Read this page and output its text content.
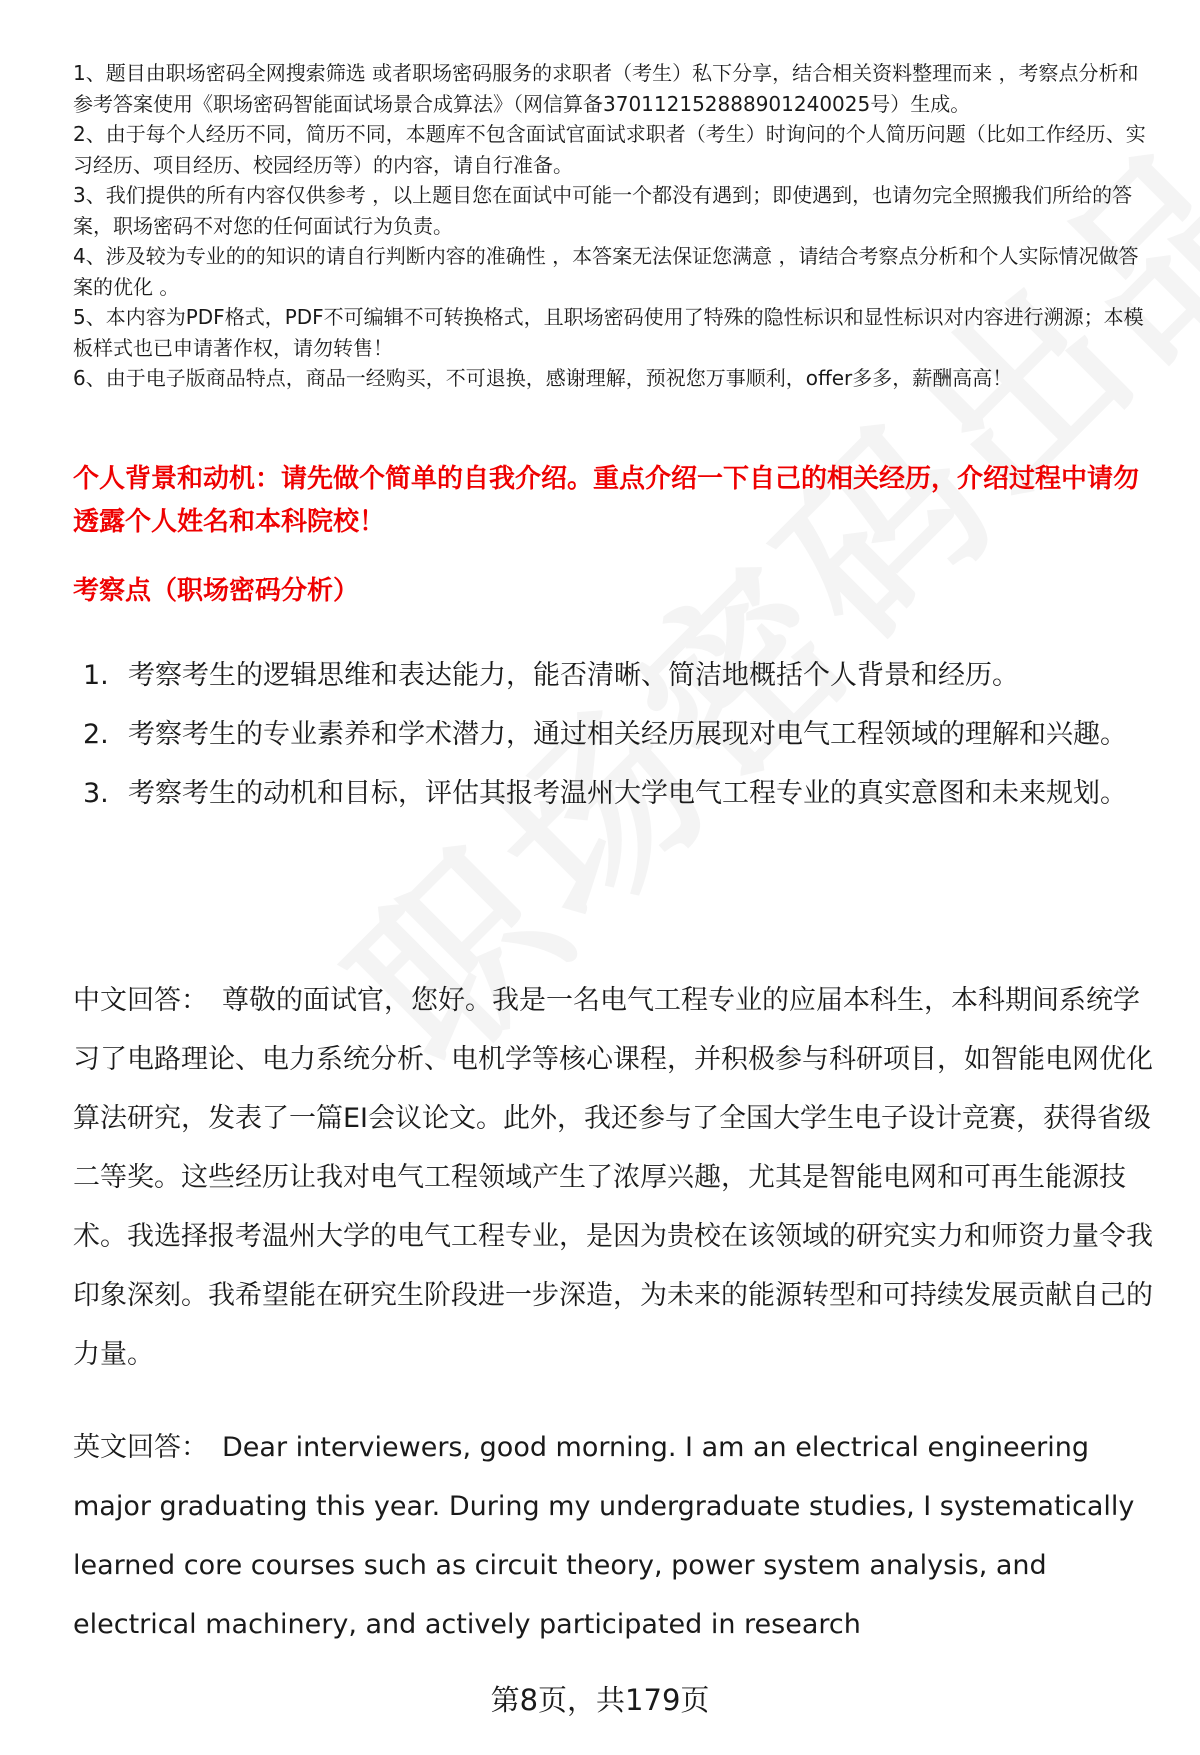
1、题目由职场密码全网搜索筛选 或者职场密码服务的求职者（考生）私下分享，结合相关资料整理而来 ，考察点分析和参考答案使用《职场密码智能面试场景合成算法》（网信算备370112152888901240025号）生成。

2、由于每个人经历不同，简历不同，本题库不包含面试官面试求职者（考生）时询问的个人简历问题（比如工作经历、实习经历、项目经历、校园经历等）的内容，请自行准备。

3、我们提供的所有内容仅供参考 ，以上题目您在面试中可能一个都没有遇到；即使遇到，也请勿完全照搬我们所给的答案，职场密码不对您的任何面试行为负责。

4、涉及较为专业的的知识的请自行判断内容的准确性 ，本答案无法保证您满意 ，请结合考察点分析和个人实际情况做答案的优化 。

5、本内容为PDF格式，PDF不可编辑不可转换格式，且职场密码使用了特殊的隐性标识和显性标识对内容进行溯源；本模板样式也已申请著作权，请勿转售！

6、由于电子版商品特点，商品一经购买，不可退换，感谢理解，预祝您万事顺利，offer多多，薪酬高高！

个人背景和动机：请先做个简单的自我介绍。重点介绍一下自己的相关经历，介绍过程中请勿透露个人姓名和本科院校！

考察点（职场密码分析）

1. 考察考生的逻辑思维和表达能力，能否清晰、简洁地概括个人背景和经历。
2. 考察考生的专业素养和学术潜力，通过相关经历展现对电气工程领域的理解和兴趣。
3. 考察考生的动机和目标，评估其报考温州大学电气工程专业的真实意图和未来规划。

中文回答： 尊敬的面试官，您好。我是一名电气工程专业的应届本科生，本科期间系统学习了电路理论、电力系统分析、电机学等核心课程，并积极参与科研项目，如智能电网优化算法研究，发表了一篇EI会议论文。此外，我还参与了全国大学生电子设计竞赛，获得省级二等奖。这些经历让我对电气工程领域产生了浓厚兴趣，尤其是智能电网和可再生能源技术。我选择报考温州大学的电气工程专业，是因为贵校在该领域的研究实力和师资力量令我印象深刻。我希望能在研究生阶段进一步深造，为未来的能源转型和可持续发展贡献自己的力量。

英文回答： Dear interviewers, good morning. I am an electrical engineering major graduating this year. During my undergraduate studies, I systematically learned core courses such as circuit theory, power system analysis, and electrical machinery, and actively participated in research

第8页，共179页
